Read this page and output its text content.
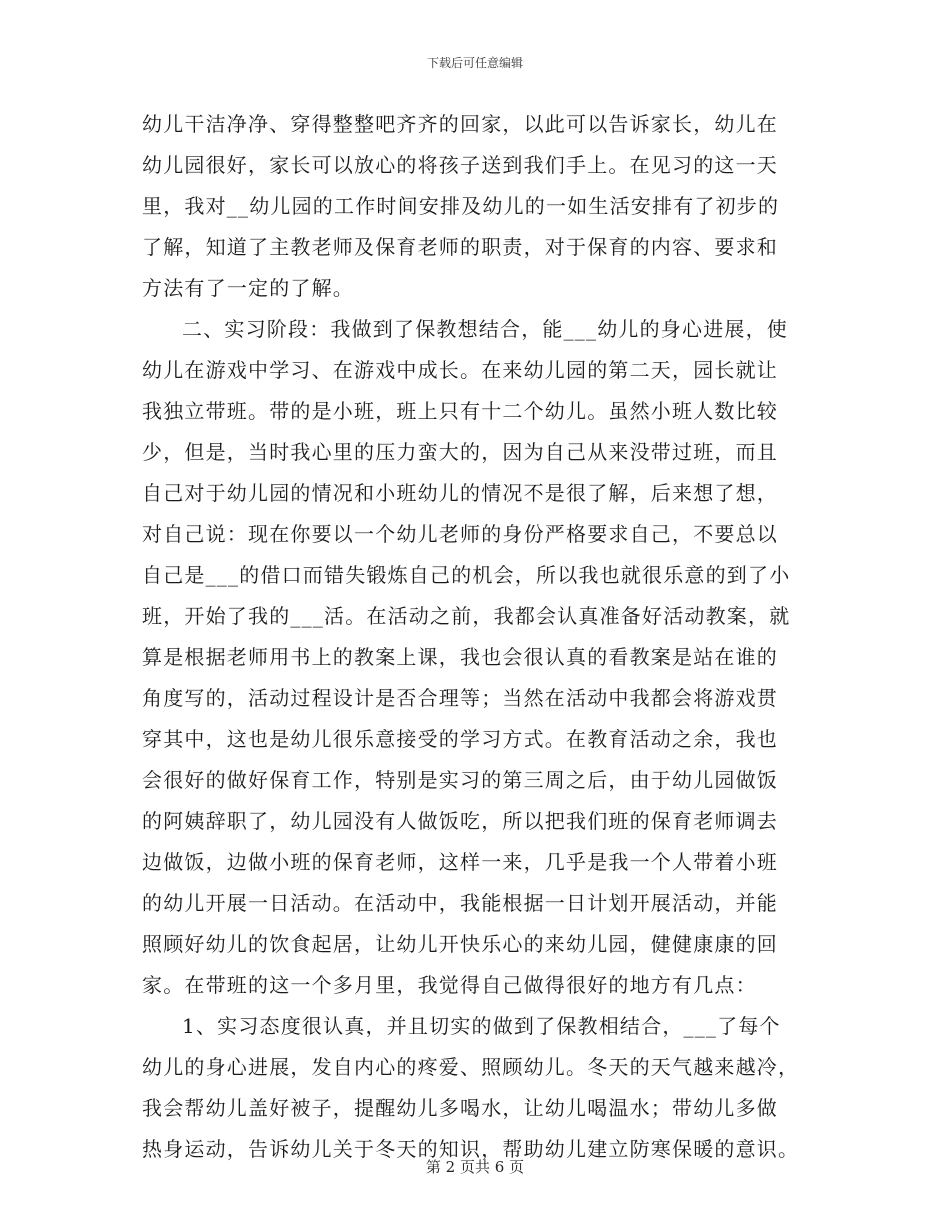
下载后可任意编辑
幼儿干洁净净、穿得整整吧齐齐的回家，以此可以告诉家长，幼儿在
幼儿园很好，家长可以放心的将孩子送到我们手上。在见习的这一天
里，我对__幼儿园的工作时间安排及幼儿的一如生活安排有了初步的
了解，知道了主教老师及保育老师的职责，对于保育的内容、要求和
方法有了一定的了解。
二、实习阶段：我做到了保教想结合，能___幼儿的身心进展，使
幼儿在游戏中学习、在游戏中成长。在来幼儿园的第二天，园长就让
我独立带班。带的是小班，班上只有十二个幼儿。虽然小班人数比较
少，但是，当时我心里的压力蛮大的，因为自己从来没带过班，而且
自己对于幼儿园的情况和小班幼儿的情况不是很了解，后来想了想，
对自己说：现在你要以一个幼儿老师的身份严格要求自己，不要总以
自己是___的借口而错失锻炼自己的机会，所以我也就很乐意的到了小
班，开始了我的___活。在活动之前，我都会认真准备好活动教案，就
算是根据老师用书上的教案上课，我也会很认真的看教案是站在谁的
角度写的，活动过程设计是否合理等；当然在活动中我都会将游戏贯
穿其中，这也是幼儿很乐意接受的学习方式。在教育活动之余，我也
会很好的做好保育工作，特别是实习的第三周之后，由于幼儿园做饭
的阿姨辞职了，幼儿园没有人做饭吃，所以把我们班的保育老师调去
边做饭，边做小班的保育老师，这样一来，几乎是我一个人带着小班
的幼儿开展一日活动。在活动中，我能根据一日计划开展活动，并能
照顾好幼儿的饮食起居，让幼儿开快乐心的来幼儿园，健健康康的回
家。在带班的这一个多月里，我觉得自己做得很好的地方有几点：
1、实习态度很认真，并且切实的做到了保教相结合，___了每个
幼儿的身心进展，发自内心的疼爱、照顾幼儿。冬天的天气越来越冷，
我会帮幼儿盖好被子，提醒幼儿多喝水，让幼儿喝温水；带幼儿多做
热身运动，告诉幼儿关于冬天的知识，帮助幼儿建立防寒保暖的意识。
第 2 页共 6 页
